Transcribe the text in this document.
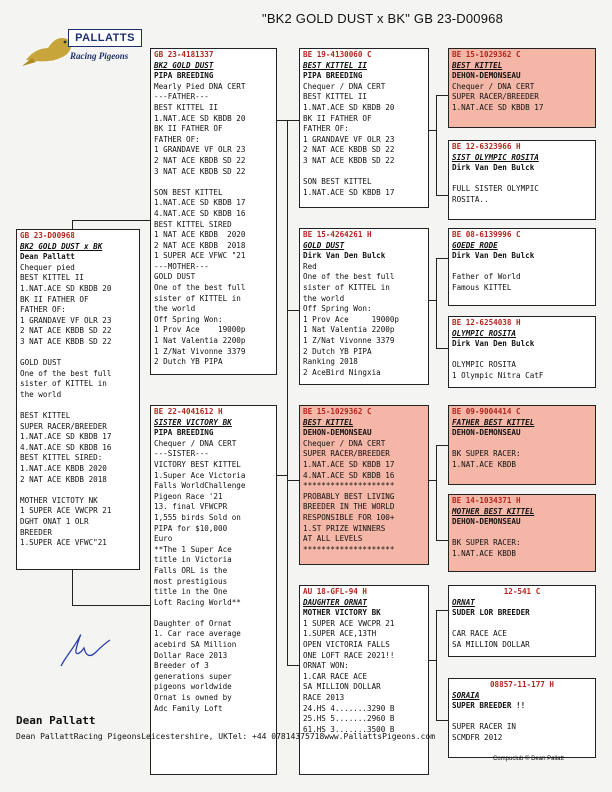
"BK2 GOLD DUST x BK" GB 23-D00968
PALLATTS
Racing Pigeons
GB 23-D00968
BK2 GOLD DUST x BK
Dean Pallatt
Chequer pied
BEST KITTEL II
1.NAT.ACE SD KBDB 20
BK II FATHER OF
FATHER OF:
1 GRANDAVE VF OLR 23
2 NAT ACE KBDB SD 22
3 NAT ACE KBDB SD 22
GOLD DUST
One of the best full
sister of KITTEL in
the world
BEST KITTEL
SUPER RACER/BREEDER
1.NAT.ACE SD KBDB 17
4.NAT.ACE SD KBDB 16
BEST KITTEL SIRED:
1.NAT.ACE KBDB 2020
2 NAT ACE KBDB 2018
MOTHER VICTOTY NK
1 SUPER ACE VWCPR 21
DGHT ONAT 1 OLR
BREEDER
1.SUPER ACE VFWC"21
GB 23-4181337
BK2 GOLD DUST
PIPA BREEDING
Mearly Pied DNA CERT
---FATHER---
BEST KITTEL II
1.NAT.ACE SD KBDB 20
BK II FATHER OF
FATHER OF:
1 GRANDAVE VF OLR 23
2 NAT ACE KBDB SD 22
3 NAT ACE KBDB SD 22
SON BEST KITTEL
1.NAT.ACE SD KBDB 17
4.NAT.ACE SD KBDB 16
BEST KITTEL SIRED
1 NAT ACE KBDB  2020
2 NAT ACE KBDB  2018
1 SUPER ACE VFWC "21
---MOTHER---
GOLD DUST
One of the best full
sister of KITTEL in
the world
Off Spring Won:
1 Prov Ace    19000p
1 Nat Valentia 2200p
1 Z/Nat Vivonne 3379
2 Dutch YB PIPA
BE 22-4041612 H
SISTER VICTORY BK
PIPA BREEDING
Chequer / DNA CERT
---SISTER---
VICTORY BEST KITTEL
1.Super Ace Victoria
Falls WorldChallenge
Pigeon Race '21
13. final VFWCPR
1,555 birds Sold on
PIPA for $10,000
Euro
**The 1 Super Ace
title in Victoria
Falls ORL is the
most prestigious
title in the One
Loft Racing World**
Daughter of Ornat
1. Car race average
acebird SA Million
Dollar Race 2013
Breeder of 3
generations super
pigeons worldwide
Ornat is owned by
Adc Family Loft
BE 19-4130060 C
BEST KITTEL II
PIPA BREEDING
Chequer / DNA CERT
BEST KITTEL II
1.NAT.ACE SD KBDB 20
BK II FATHER OF
FATHER OF:
1 GRANDAVE VF OLR 23
2 NAT ACE KBDB SD 22
3 NAT ACE KBDB SD 22
SON BEST KITTEL
1.NAT.ACE SD KBDB 17
BE 15-4264261 H
GOLD DUST
Dirk Van Den Bulck
Red
One of the best full
sister of KITTEL in
the world
Off Spring Won:
1 Prov Ace     19000p
1 Nat Valentia 2200p
1 Z/Nat Vivonne 3379
2 Dutch YB PIPA
Ranking 2018
2 AceBird Ningxia
BE 15-1029362 C
BEST KITTEL
DEHON-DEMONSEAU
Chequer / DNA CERT
SUPER RACER/BREEDER
1.NAT.ACE SD KBDB 17
4.NAT.ACE SD KBDB 16
********************
PROBABLY BEST LIVING
BREEDER IN THE WORLD
RESPONSIBLE FOR 100+
1.ST PRIZE WINNERS
AT ALL LEVELS
********************
AU 18-GFL-94 H
DAUGHTER ORNAT
MOTHER VICTORY BK
1 SUPER ACE VWCPR 21
1.SUPER ACE,13TH
OPEN VICTORIA FALLS
ONE LOFT RACE 2021!!
ORNAT WON:
1.CAR RACE ACE
SA MILLION DOLLAR
RACE 2013
24.HS 4.......3290 B
25.HS 5.......2960 B
61.HS 3.......3500 B
BE 15-1029362 C
BEST KITTEL
DEHON-DEMONSEAU
Chequer / DNA CERT
SUPER RACER/BREEDER
1.NAT.ACE SD KBDB 17
BE 12-6323966 H
SIST OLYMPIC ROSITA
Dirk Van Den Bulck
FULL SISTER OLYMPIC
ROSITA..
BE 08-6139996 C
GOEDE RODE
Dirk Van Den Bulck
Father of World
Famous KITTEL
BE 12-6254038 H
OLYMPIC ROSITA
Dirk Van Den Bulck
OLYMPIC ROSITA
1 Olympic Nitra CatF
BE 09-9004414 C
FATHER BEST KITTEL
DEHON-DEMONSEAU
BK SUPER RACER:
1.NAT.ACE KBDB
BE 14-1034371 H
MOTHER BEST KITTEL
DEHON-DEMONSEAU
BK SUPER RACER:
1.NAT.ACE KBDB
12-541 C
ORNAT
SUDER LOR BREEDER
CAR RACE ACE
SA MILLION DOLLAR
08857-11-177 H
SORAIA
SUPER BREEDER !!
SUPER RACER IN
SCMDFR 2012
Dean Pallatt
Dean PallattRacing PigeonsLeicestershire, UKTel: +44 07814375718www.PallattsPigeons.com
Compuclub © Dean Pallatt
